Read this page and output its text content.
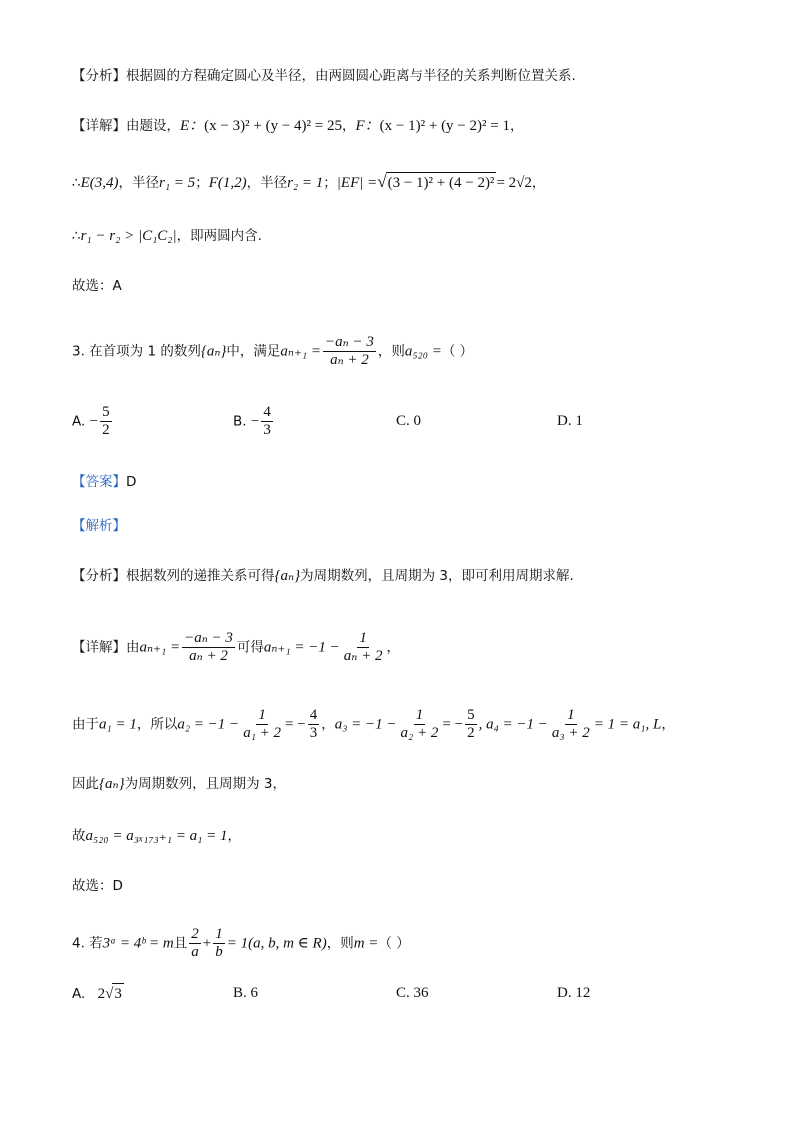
【分析】根据圆的方程确定圆心及半径，由两圆圆心距离与半径的关系判断位置关系.
【详解】由题设，E：(x − 3)² + (y − 4)² = 25，F：(x − 1)² + (y − 2)² = 1，
∴E(3,4)，半径r₁ = 5；F(1,2)，半径r₂ = 1；|EF| =√(3 − 1)² + (4 − 2)² = 2√2，
∴r₁ − r₂ > |C₁C₂|，即两圆内含.
故选：A
3. 在首项为 1 的数列{aₙ}中，满足$a_{n+1} = \frac{\text{−aₙ − 3}}{\text{aₙ + 2}}$ ，则a₅₂₀ =（ ）
A. − $\frac{5}{2}$	B. − $\frac{4}{3}$	C. 0	D. 1
【答案】D
【解析】
【分析】根据数列的递推关系可得{aₙ}为周期数列，且周期为 3，即可利用周期求解.
【详解】由$a_{n+1} = \frac{\text{−aₙ − 3}}{\text{aₙ + 2}}$ 可得$a_{n+1} = -1 - \frac{1}{\text{aₙ + 2}}$ ，
由于a₁ = 1，所以$a_2 = -1 - \frac{1}{\text{a₁ + 2}}$ = − $\frac{4}{3}$ ，$a_3 = -1 - \frac{1}{\text{a₂ + 2}}$ = − $\frac{5}{2}$ , $a_4 = -1 - \frac{1}{\text{a₃ + 2}} = 1 = a_1$, L，
因此{aₙ}为周期数列，且周期为 3，
故a₅₂₀ = a₃ₓ₁₇₃₊₁ = a₁ = 1，
故选：D
4. 若3ᵃ = 4ᵇ = m且 $\frac{2}{a} + \frac{1}{b} = 1(a$, b, m ∈ R)，则m =（ ）
A. 2√3	B. 6	C. 36	D. 12
